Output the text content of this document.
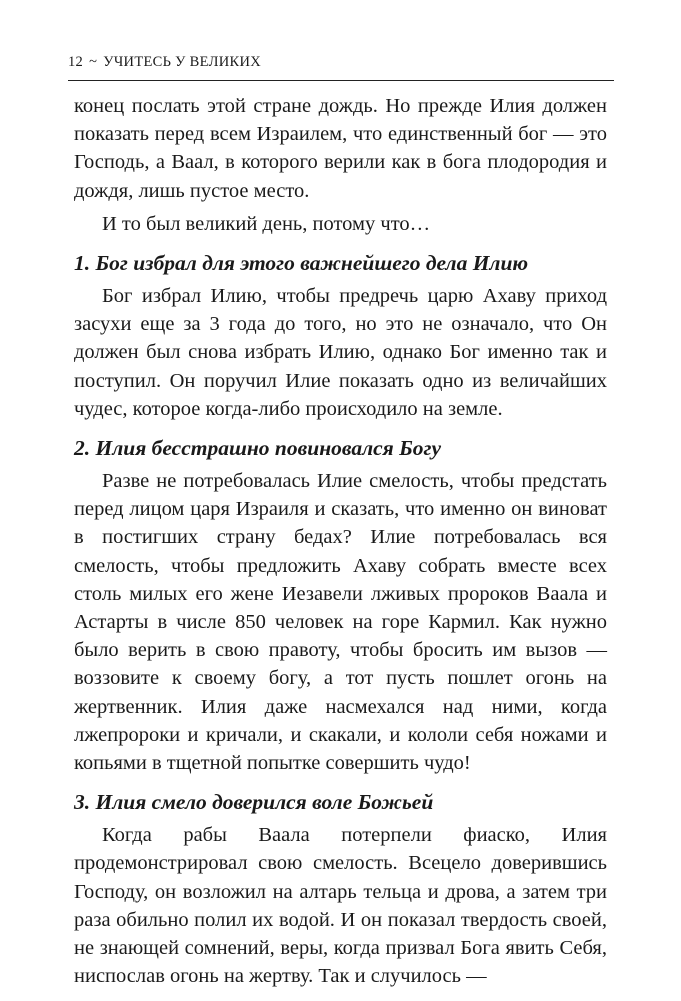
12 ~ УЧИТЕСЬ У ВЕЛИКИХ

конец послать этой стране дождь. Но прежде Илия должен показать перед всем Израилем, что единственный бог — это Господь, а Ваал, в которого верили как в бога плодородия и дождя, лишь пустое место.

И то был великий день, потому что…

1. Бог избрал для этого важнейшего дела Илию

Бог избрал Илию, чтобы предречь царю Ахаву приход засухи еще за 3 года до того, но это не означало, что Он должен был снова избрать Илию, однако Бог именно так и поступил. Он поручил Илие показать одно из величайших чудес, которое когда-либо происходило на земле.

2. Илия бесстрашно повиновался Богу

Разве не потребовалась Илие смелость, чтобы предстать перед лицом царя Израиля и сказать, что именно он виноват в постигших страну бедах? Илие потребовалась вся смелость, чтобы предложить Ахаву собрать вместе всех столь милых его жене Иезавели лживых пророков Ваала и Астарты в числе 850 человек на горе Кармил. Как нужно было верить в свою правоту, чтобы бросить им вызов — воззовите к своему богу, а тот пусть пошлет огонь на жертвенник. Илия даже насмехался над ними, когда лжепророки и кричали, и скакали, и кололи себя ножами и копьями в тщетной попытке совершить чудо!

3. Илия смело доверился воле Божьей

Когда рабы Ваала потерпели фиаско, Илия продемонстрировал свою смелость. Всецело доверившись Господу, он возложил на алтарь тельца и дрова, а затем три раза обильно полил их водой. И он показал твердость своей, не знающей сомнений, веры, когда призвал Бога явить Себя, ниспослав огонь на жертву. Так и случилось —
